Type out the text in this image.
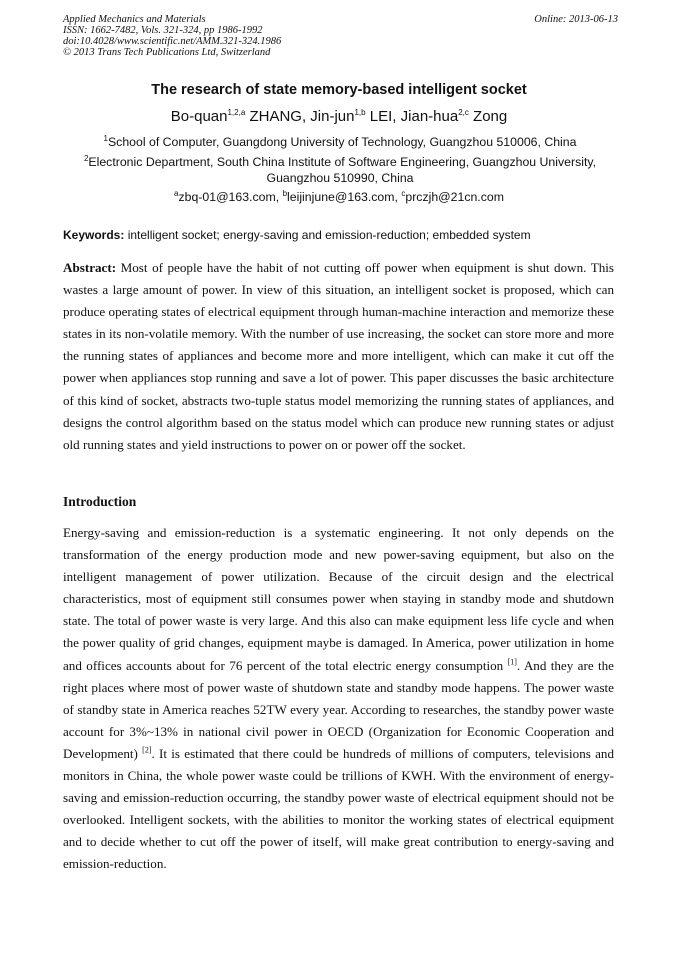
Applied Mechanics and Materials
ISSN: 1662-7482, Vols. 321-324, pp 1986-1992
doi:10.4028/www.scientific.net/AMM.321-324.1986
© 2013 Trans Tech Publications Ltd, Switzerland
Online: 2013-06-13
The research of state memory-based intelligent socket
Bo-quan$^{1,2,a}$ ZHANG, Jin-jun$^{1,b}$ LEI, Jian-hua$^{2,c}$ Zong
$^1$School of Computer, Guangdong University of Technology, Guangzhou 510006, China
$^2$Electronic Department, South China Institute of Software Engineering, Guangzhou University, Guangzhou 510990, China
$^a$zbq-01@163.com, $^b$leijinjune@163.com, $^c$prczjh@21cn.com
Keywords: intelligent socket; energy-saving and emission-reduction; embedded system
Abstract: Most of people have the habit of not cutting off power when equipment is shut down. This wastes a large amount of power. In view of this situation, an intelligent socket is proposed, which can produce operating states of electrical equipment through human-machine interaction and memorize these states in its non-volatile memory. With the number of use increasing, the socket can store more and more the running states of appliances and become more and more intelligent, which can make it cut off the power when appliances stop running and save a lot of power. This paper discusses the basic architecture of this kind of socket, abstracts two-tuple status model memorizing the running states of appliances, and designs the control algorithm based on the status model which can produce new running states or adjust old running states and yield instructions to power on or power off the socket.
Introduction
Energy-saving and emission-reduction is a systematic engineering. It not only depends on the transformation of the energy production mode and new power-saving equipment, but also on the intelligent management of power utilization. Because of the circuit design and the electrical characteristics, most of equipment still consumes power when staying in standby mode and shutdown state. The total of power waste is very large. And this also can make equipment less life cycle and when the power quality of grid changes, equipment maybe is damaged. In America, power utilization in home and offices accounts about for 76 percent of the total electric energy consumption [1]. And they are the right places where most of power waste of shutdown state and standby mode happens. The power waste of standby state in America reaches 52TW every year. According to researches, the standby power waste account for 3%~13% in national civil power in OECD (Organization for Economic Cooperation and Development) [2]. It is estimated that there could be hundreds of millions of computers, televisions and monitors in China, the whole power waste could be trillions of KWH. With the environment of energy-saving and emission-reduction occurring, the standby power waste of electrical equipment should not be overlooked. Intelligent sockets, with the abilities to monitor the working states of electrical equipment and to decide whether to cut off the power of itself, will make great contribution to energy-saving and emission-reduction.
